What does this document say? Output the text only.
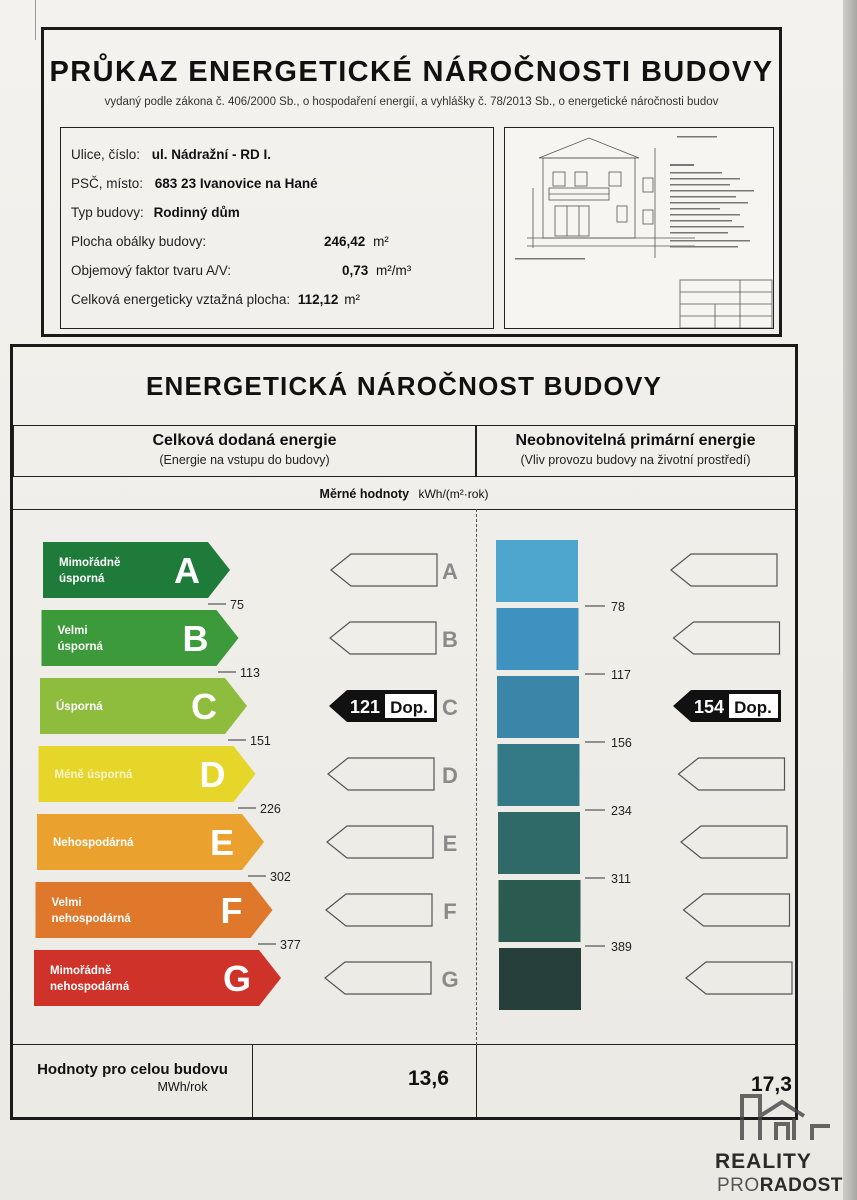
PRŮKAZ ENERGETICKÉ NÁROČNOSTI BUDOVY
vydaný podle zákona č. 406/2000 Sb., o hospodaření energií, a vyhlášky č. 78/2013 Sb., o energetické náročnosti budov
Ulice, číslo: ul. Nádražní - RD I.
PSČ, místo: 683 23 Ivanovice na Hané
Typ budovy: Rodinný dům
Plocha obálky budovy:	246,42 m²
Objemový faktor tvaru A/V:	0,73 m²/m³
Celková energeticky vztažná plocha: 112,12 m²
ENERGETICKÁ NÁROČNOST BUDOVY
Celková dodaná energie
(Energie na vstupu do budovy)
Neobnovitelná primární energie
(Vliv provozu budovy na životní prostředí)
Měrné hodnoty kWh/(m²·rok)
Mimořádně
úsporná A	A
Velmi
úsporná B	B
Úsporná C	C
Méně úsporná D	D
Nehospodárná E	E
Velmi
nehospodárná F	F
Mimořádně
nehospodárná	G	G
75
113
151
226
302
377
78
117
156
234
311
389
121 Dop.	154 Dop.
Hodnoty pro celou budovu
MWh/rok	13,6	17,3
REALITY
PRORADOST
